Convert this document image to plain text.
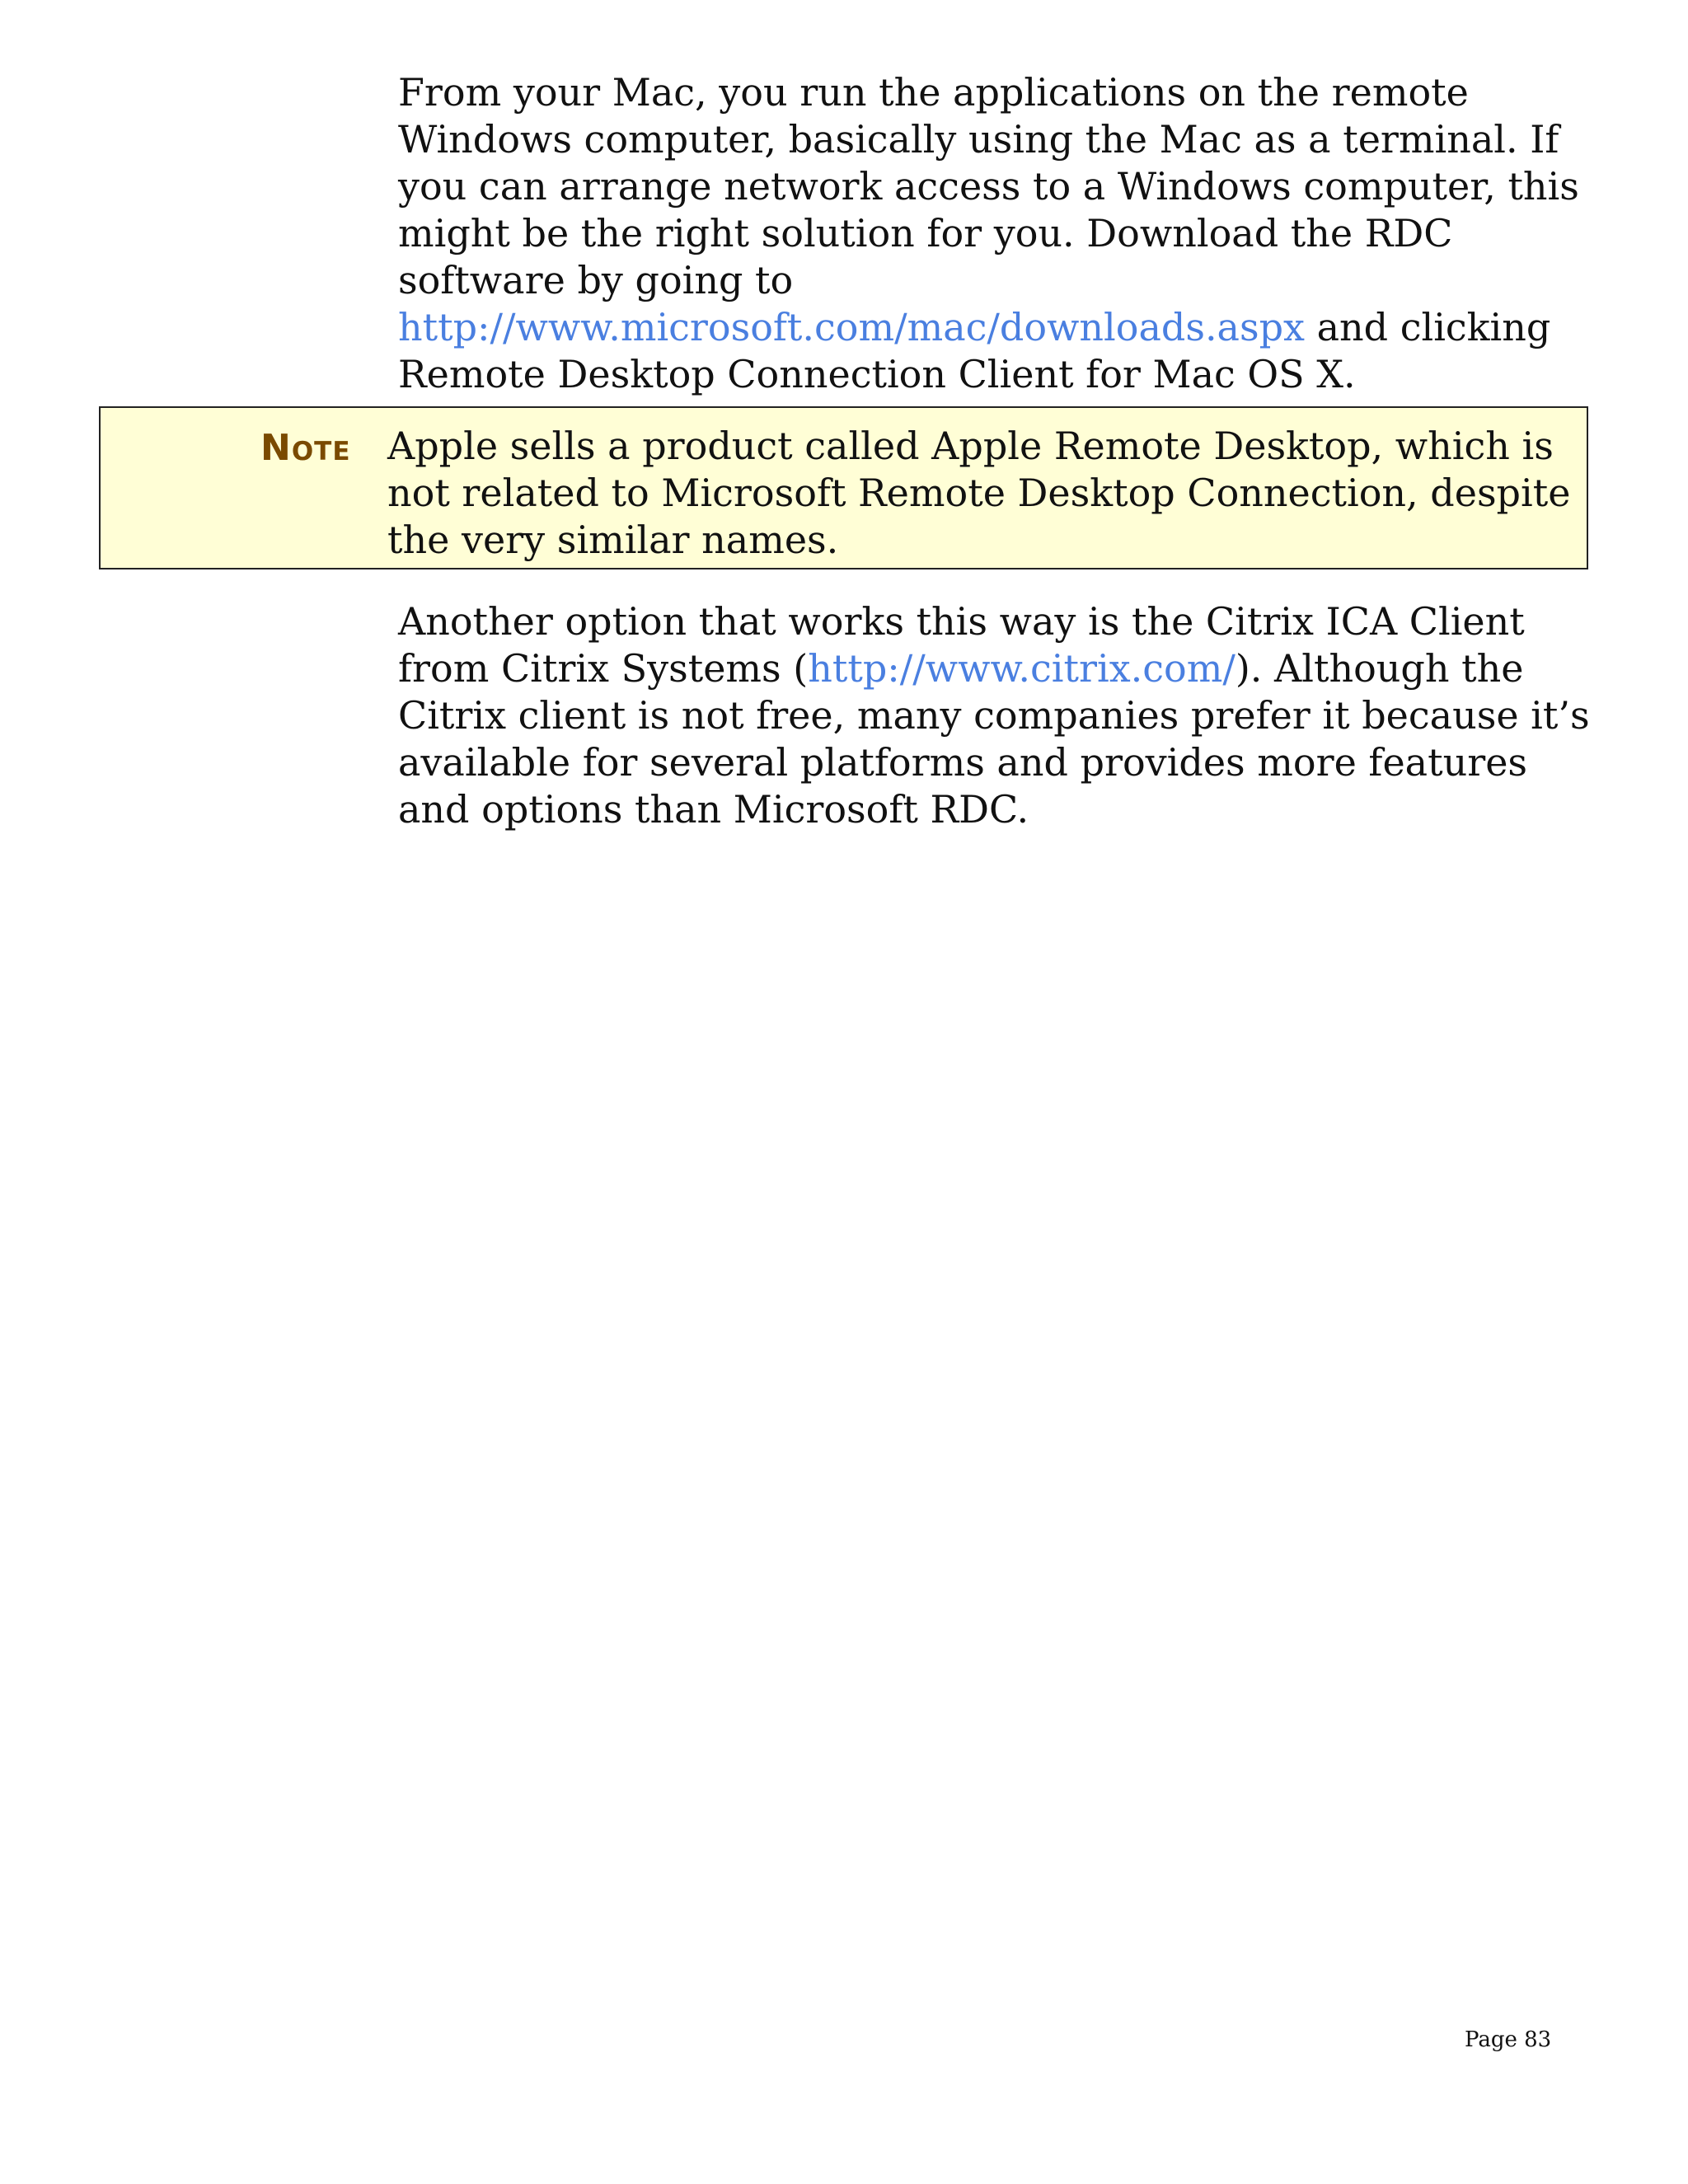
From your Mac, you run the applications on the remote Windows computer, basically using the Mac as a terminal. If you can arrange network access to a Windows computer, this might be the right solution for you. Download the RDC software by going to http://www.microsoft.com/mac/downloads.aspx and clicking Remote Desktop Connection Client for Mac OS X.

Note Apple sells a product called Apple Remote Desktop, which is not related to Microsoft Remote Desktop Connection, despite the very similar names.

Another option that works this way is the Citrix ICA Client from Citrix Systems (http://www.citrix.com/). Although the Citrix client is not free, many companies prefer it because it’s available for several platforms and provides more features and options than Microsoft RDC.

Page 83
